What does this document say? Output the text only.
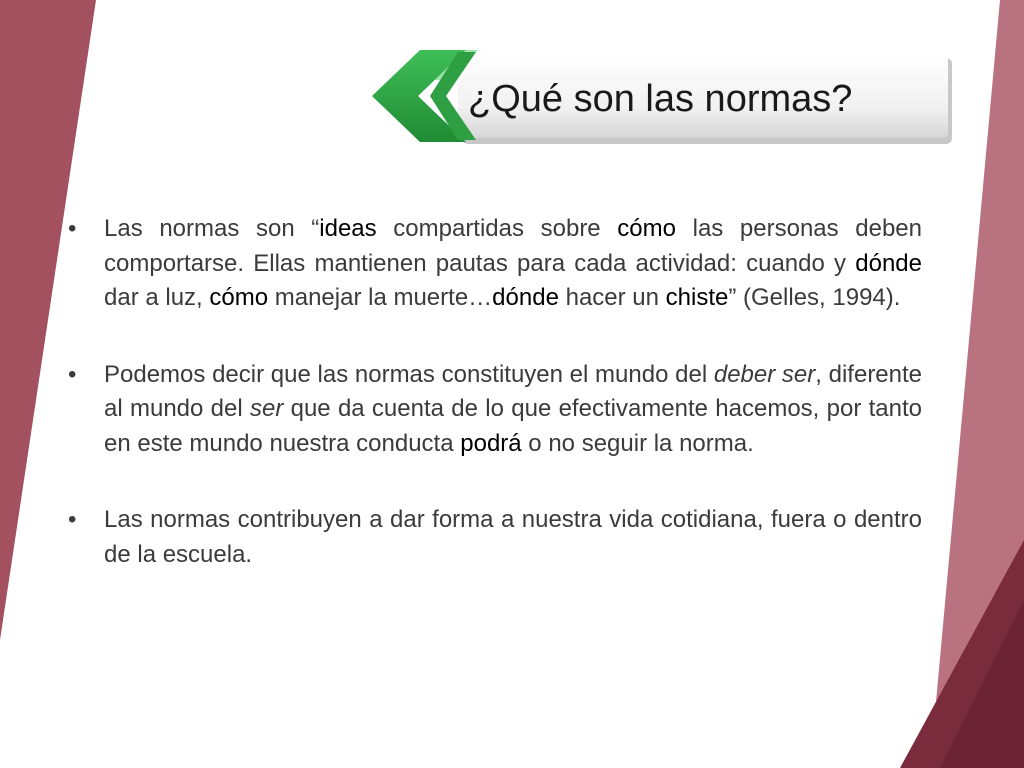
¿Qué son las normas?
•	Las normas son “ideas compartidas sobre cómo las personas deben comportarse. Ellas mantienen pautas para cada actividad: cuando y dónde dar a luz, cómo manejar la muerte…dónde hacer un chiste” (Gelles, 1994).
•	Podemos decir que las normas constituyen el mundo del deber ser, diferente al mundo del ser que da cuenta de lo que efectivamente hacemos, por tanto en este mundo nuestra conducta podrá o no seguir la norma.
•	Las normas contribuyen a dar forma a nuestra vida cotidiana, fuera o dentro de la escuela.
